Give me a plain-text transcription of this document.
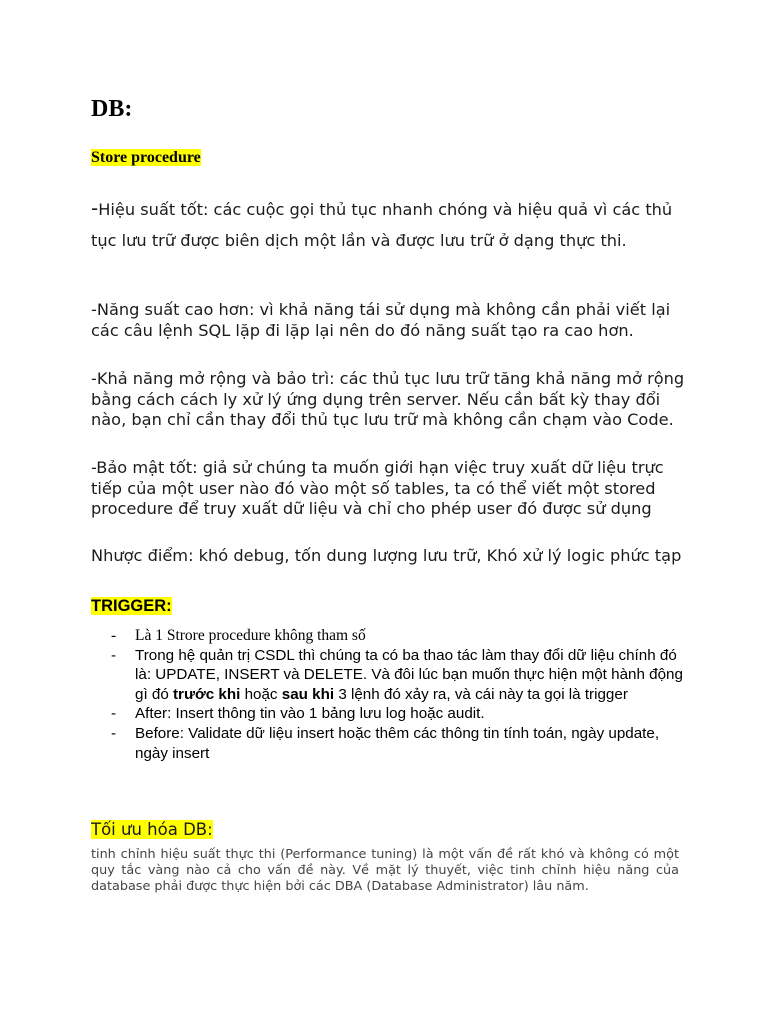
DB:
Store procedure
-Hiệu suất tốt: các cuộc gọi thủ tục nhanh chóng và hiệu quả vì các thủ tục lưu trữ được biên dịch một lần và được lưu trữ ở dạng thực thi.
-Năng suất cao hơn: vì khả năng tái sử dụng mà không cần phải viết lại các câu lệnh SQL lặp đi lặp lại nên do đó năng suất tạo ra cao hơn.
-Khả năng mở rộng và bảo trì: các thủ tục lưu trữ tăng khả năng mở rộng bằng cách cách ly xử lý ứng dụng trên server. Nếu cần bất kỳ thay đổi nào, bạn chỉ cần thay đổi thủ tục lưu trữ mà không cần chạm vào Code.
-Bảo mật tốt: giả sử chúng ta muốn giới hạn việc truy xuất dữ liệu trực tiếp của một user nào đó vào một số tables, ta có thể viết một stored procedure để truy xuất dữ liệu và chỉ cho phép user đó được sử dụng
Nhược điểm: khó debug, tốn dung lượng lưu trữ, Khó xử lý logic phức tạp
TRIGGER:
- Là 1 Strore procedure không tham số
- Trong hệ quản trị CSDL thì chúng ta có ba thao tác làm thay đổi dữ liệu chính đó là: UPDATE, INSERT và DELETE. Và đôi lúc bạn muốn thực hiện một hành động gì đó trước khi hoặc sau khi 3 lệnh đó xảy ra, và cái này ta gọi là trigger
- After: Insert thông tin vào 1 bảng lưu log hoặc audit.
- Before: Validate dữ liệu insert hoặc thêm các thông tin tính toán, ngày update, ngày insert
Tối ưu hóa DB:
tinh chỉnh hiệu suất thực thi (Performance tuning) là một vấn đề rất khó và không có một quy tắc vàng nào cả cho vấn đề này. Về mặt lý thuyết, việc tinh chỉnh hiệu năng của database phải được thực hiện bởi các DBA (Database Administrator) lâu năm.
